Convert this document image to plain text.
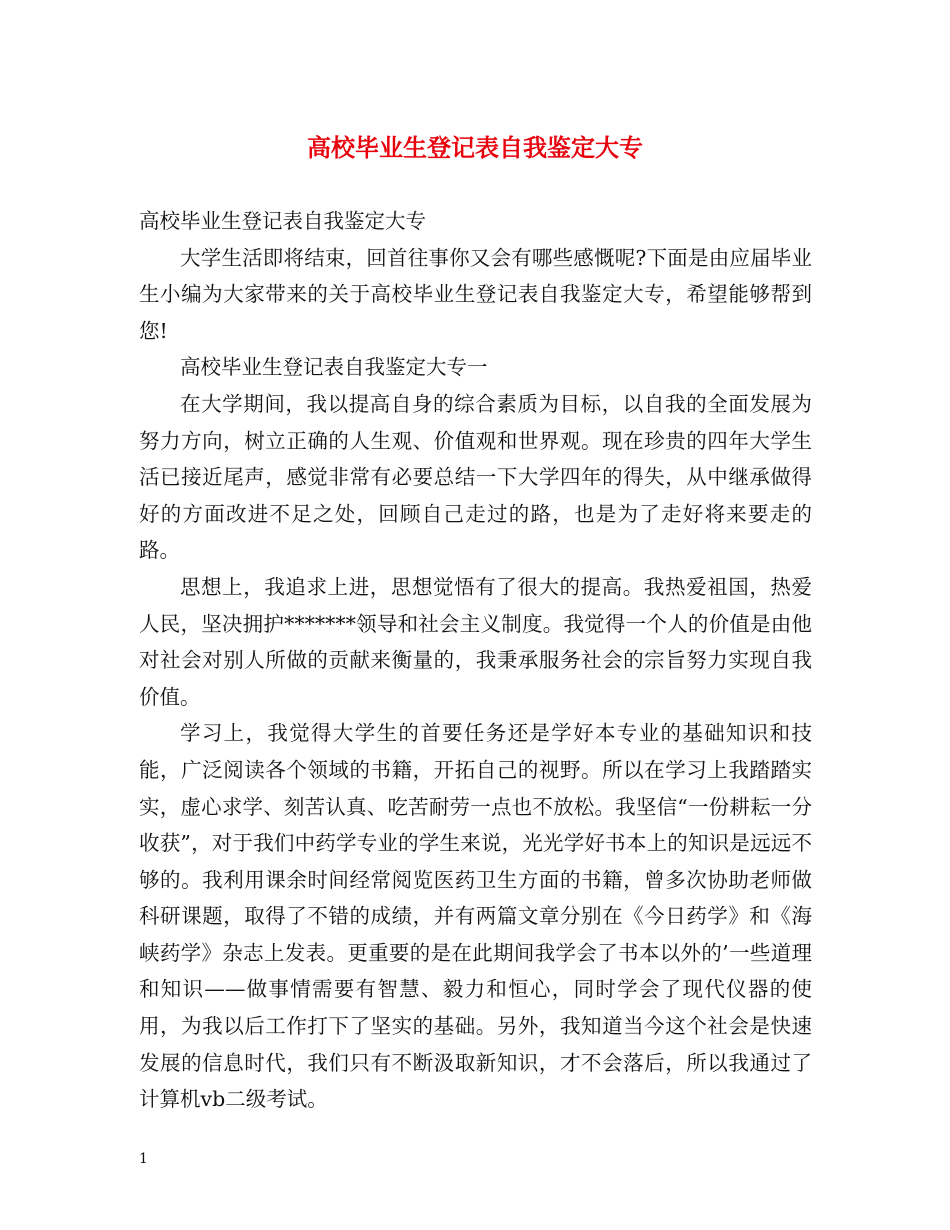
高校毕业生登记表自我鉴定大专

高校毕业生登记表自我鉴定大专

大学生活即将结束，回首往事你又会有哪些感慨呢?下面是由应届毕业生小编为大家带来的关于高校毕业生登记表自我鉴定大专，希望能够帮到您!

高校毕业生登记表自我鉴定大专一

在大学期间，我以提高自身的综合素质为目标，以自我的全面发展为努力方向，树立正确的人生观、价值观和世界观。现在珍贵的四年大学生活已接近尾声，感觉非常有必要总结一下大学四年的得失，从中继承做得好的方面改进不足之处，回顾自己走过的路，也是为了走好将来要走的路。

思想上，我追求上进，思想觉悟有了很大的提高。我热爱祖国，热爱人民，坚决拥护*******领导和社会主义制度。我觉得一个人的价值是由他对社会对别人所做的贡献来衡量的，我秉承服务社会的宗旨努力实现自我价值。

学习上，我觉得大学生的首要任务还是学好本专业的基础知识和技能，广泛阅读各个领域的书籍，开拓自己的视野。所以在学习上我踏踏实实，虚心求学、刻苦认真、吃苦耐劳一点也不放松。我坚信“一份耕耘一分收获”，对于我们中药学专业的学生来说，光光学好书本上的知识是远远不够的。我利用课余时间经常阅览医药卫生方面的书籍，曾多次协助老师做科研课题，取得了不错的成绩，并有两篇文章分别在《今日药学》和《海峡药学》杂志上发表。更重要的是在此期间我学会了书本以外的’一些道理和知识——做事情需要有智慧、毅力和恒心，同时学会了现代仪器的使用，为我以后工作打下了坚实的基础。另外，我知道当今这个社会是快速发展的信息时代，我们只有不断汲取新知识，才不会落后，所以我通过了计算机vb二级考试。

1
